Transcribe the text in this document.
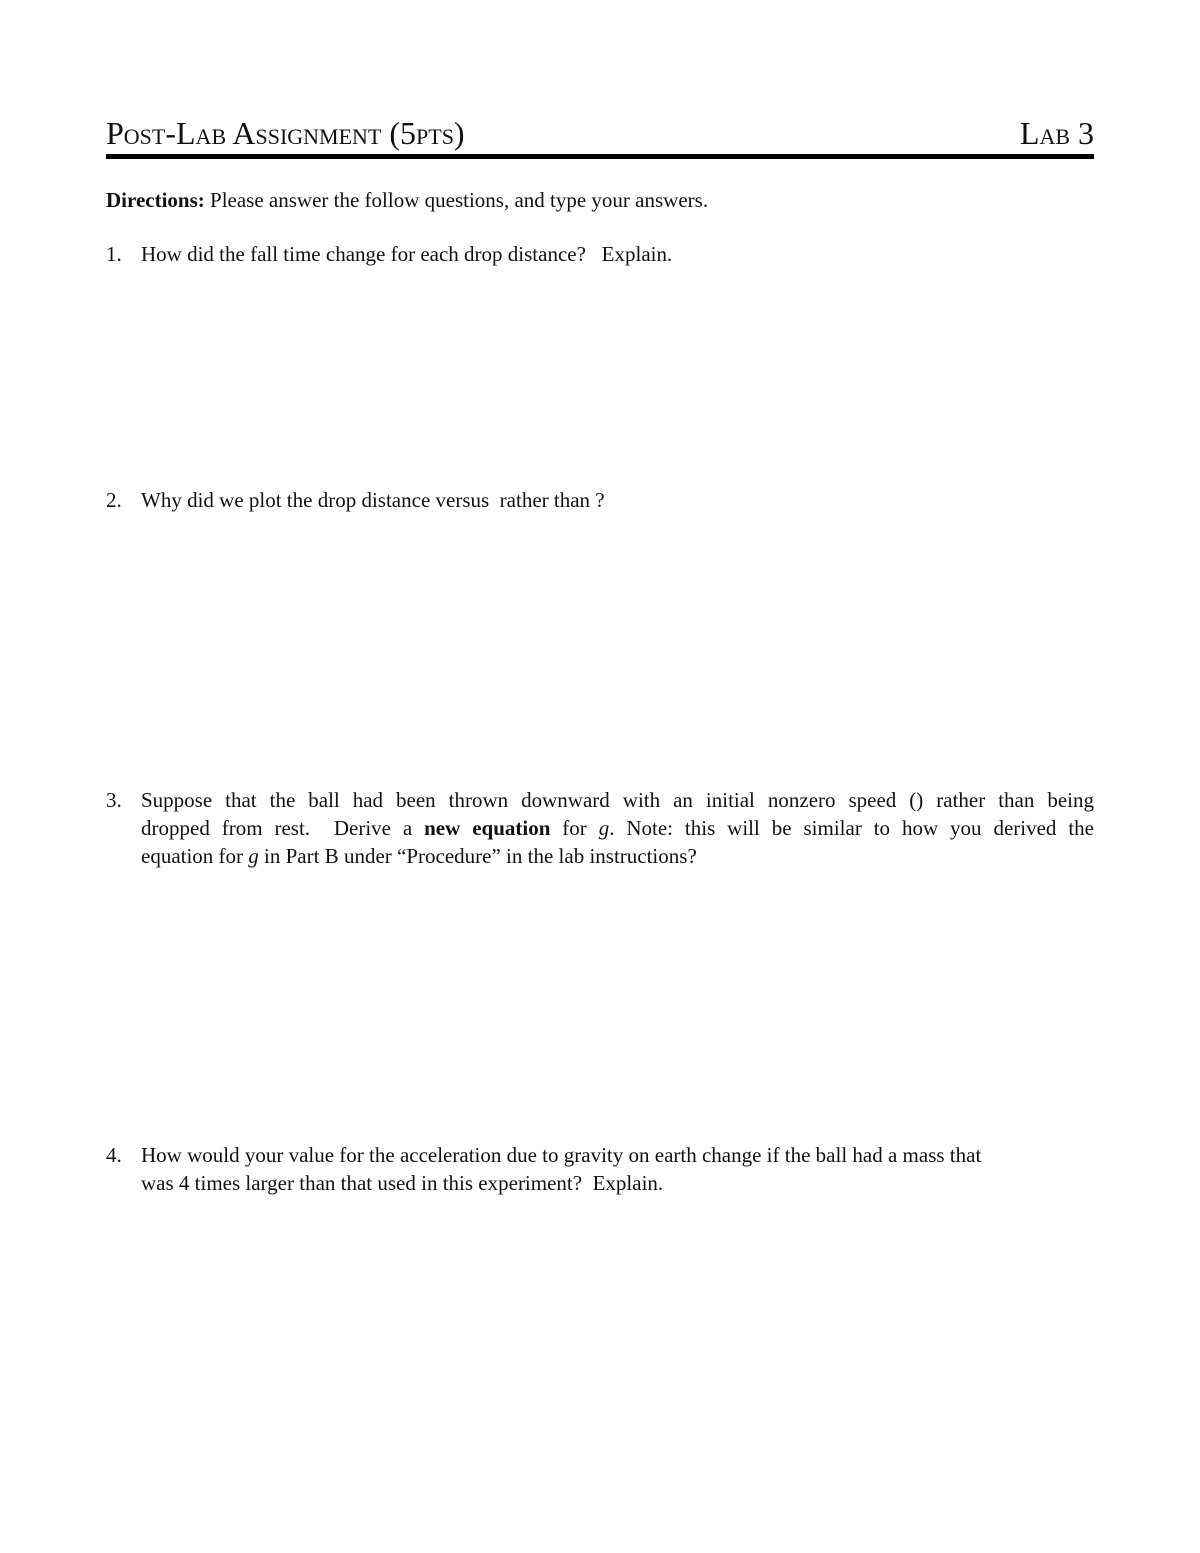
Post-Lab Assignment (5pts)	Lab 3
Directions: Please answer the follow questions, and type your answers.
1. How did the fall time change for each drop distance?   Explain.
2. Why did we plot the drop distance versus  rather than ?
3. Suppose that the ball had been thrown downward with an initial nonzero speed () rather than being
dropped from rest.  Derive a new equation for g. Note: this will be similar to how you derived the
equation for g in Part B under “Procedure” in the lab instructions?
4. How would your value for the acceleration due to gravity on earth change if the ball had a mass that
was 4 times larger than that used in this experiment?  Explain.
